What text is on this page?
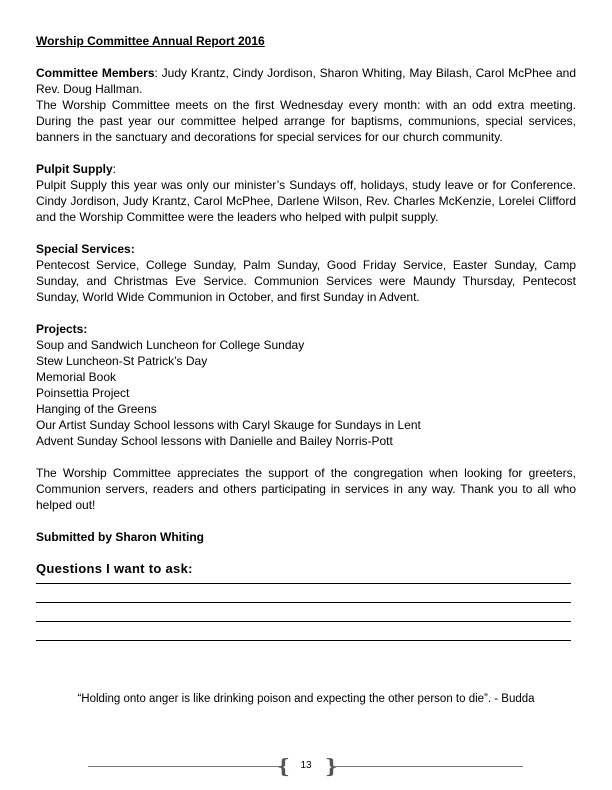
Worship Committee Annual Report 2016

Committee Members: Judy Krantz, Cindy Jordison, Sharon Whiting, May Bilash, Carol McPhee and Rev. Doug Hallman.

The Worship Committee meets on the first Wednesday every month: with an odd extra meeting. During the past year our committee helped arrange for baptisms, communions, special services, banners in the sanctuary and decorations for special services for our church community.

Pulpit Supply:

Pulpit Supply this year was only our minister’s Sundays off, holidays, study leave or for Conference. Cindy Jordison, Judy Krantz, Carol McPhee, Darlene Wilson, Rev. Charles McKenzie, Lorelei Clifford and the Worship Committee were the leaders who helped with pulpit supply.

Special Services:

Pentecost Service, College Sunday, Palm Sunday, Good Friday Service, Easter Sunday, Camp Sunday, and Christmas Eve Service. Communion Services were Maundy Thursday, Pentecost Sunday, World Wide Communion in October, and first Sunday in Advent.

Projects:

Soup and Sandwich Luncheon for College Sunday

Stew Luncheon-St Patrick’s Day

Memorial Book

Poinsettia Project

Hanging of the Greens

Our Artist Sunday School lessons with Caryl Skauge for Sundays in Lent

Advent Sunday School lessons with Danielle and Bailey Norris-Pott

The Worship Committee appreciates the support of the congregation when looking for greeters, Communion servers, readers and others participating in services in any way. Thank you to all who helped out!

Submitted by Sharon Whiting

Questions I want to ask:

“Holding onto anger is like drinking poison and expecting the other person to die”. - Budda
{	13 }
